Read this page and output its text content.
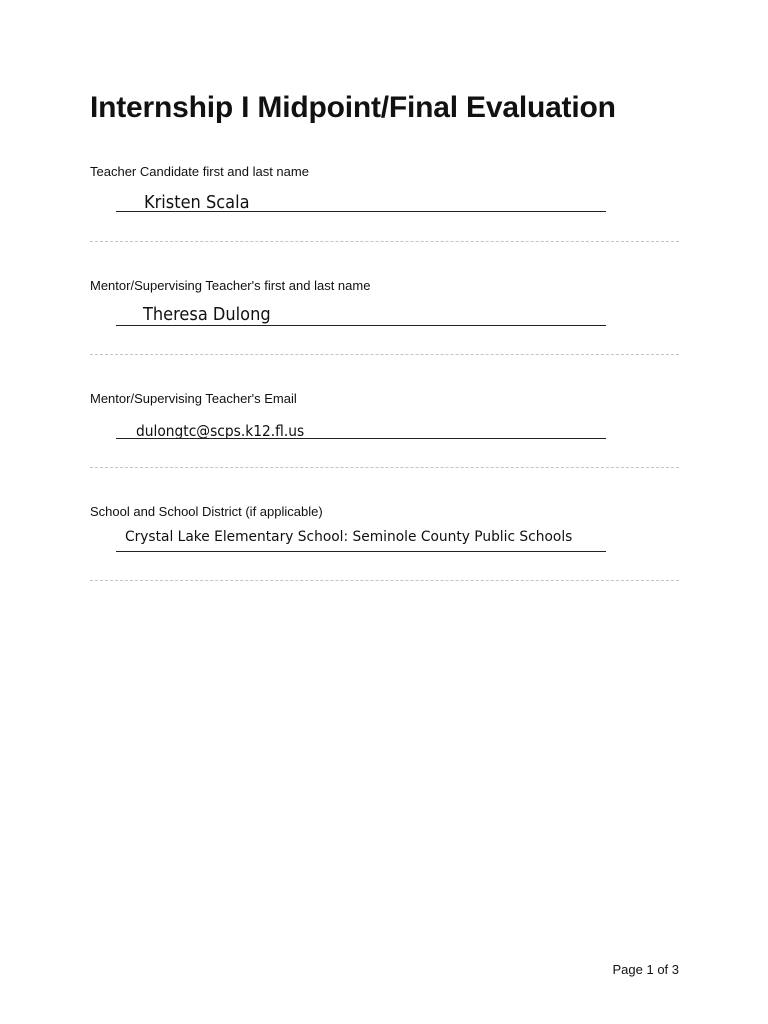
Internship I Midpoint/Final Evaluation
Teacher Candidate first and last name
Kristen Scala
Mentor/Supervising Teacher's first and last name
Theresa Dulong
Mentor/Supervising Teacher's Email
dulongtc@scps.k12.fl.us
School and School District (if applicable)
Crystal Lake Elementary School: Seminole County Public Schools
Page 1 of 3
